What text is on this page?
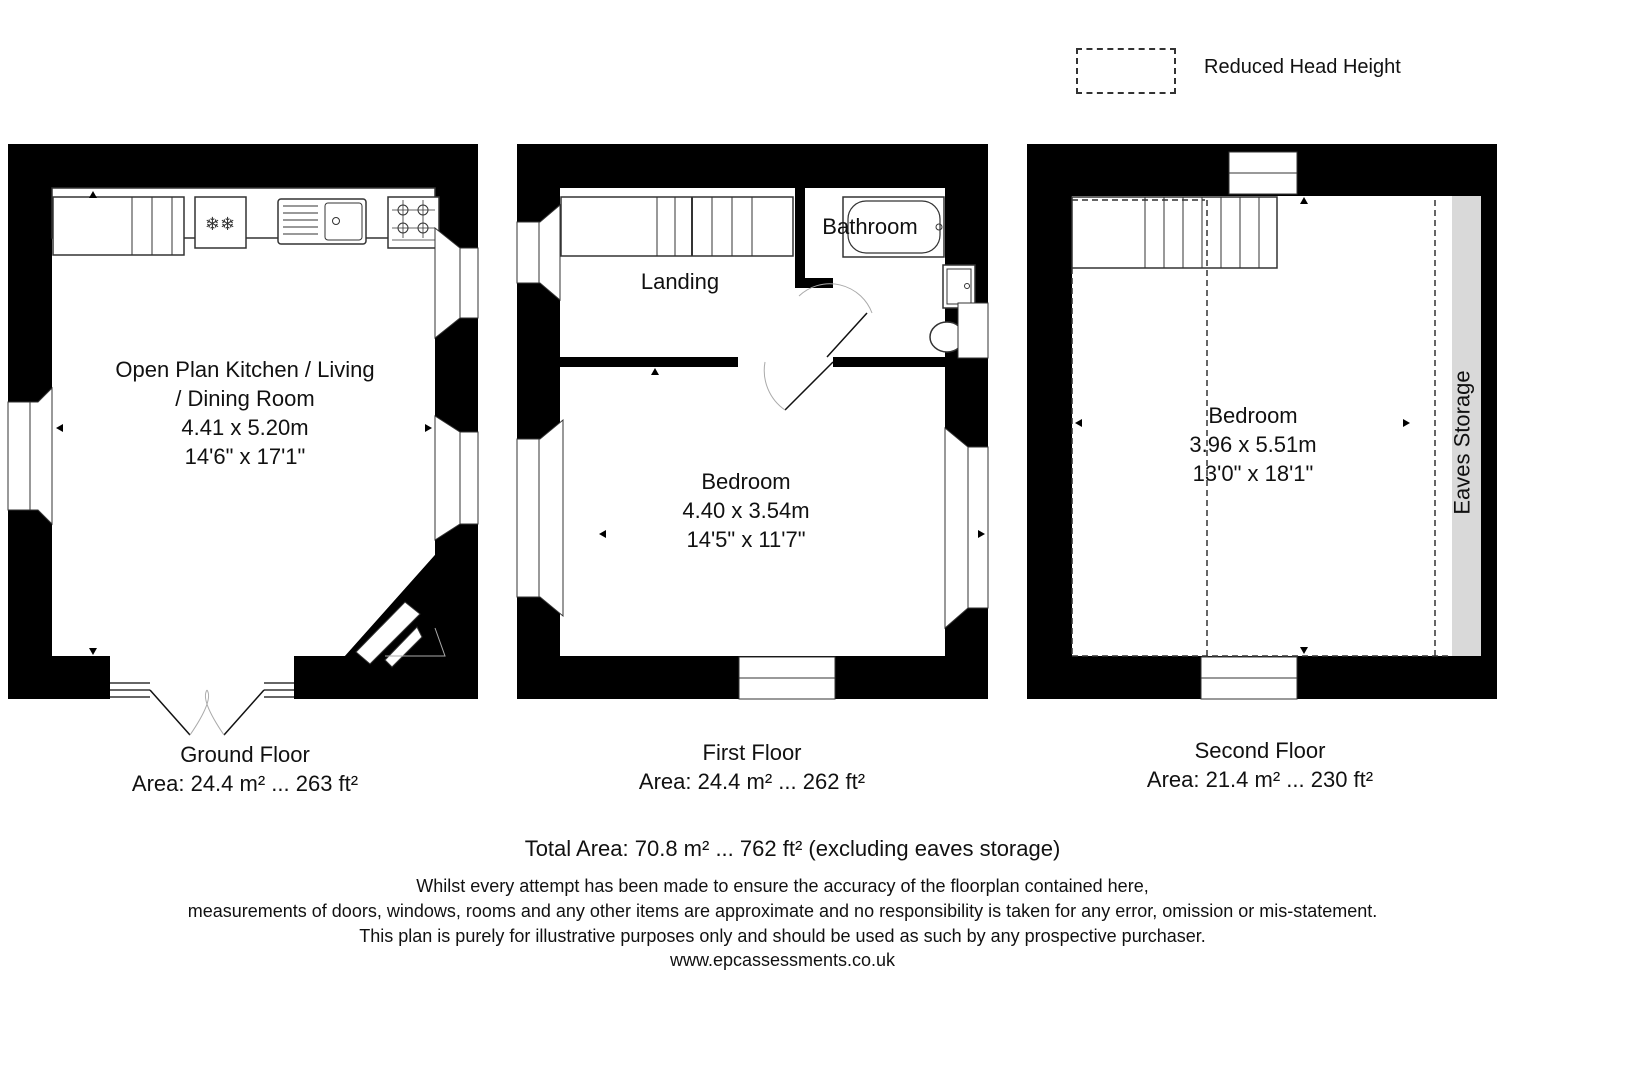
Reduced Head Height
❄❄
Open Plan Kitchen / Living
/ Dining Room
4.41 x 5.20m
14'6" x 17'1"
Landing
Bathroom
Bedroom
4.40 x 3.54m
14'5" x 11'7"
Bedroom
3.96 x 5.51m
13'0" x 18'1"	Eaves Storage
Ground Floor
Area: 24.4 m² ... 263 ft²
First Floor
Area: 24.4 m² ... 262 ft²
Second Floor
Area: 21.4 m² ... 230 ft²
Total Area: 70.8 m² ... 762 ft² (excluding eaves storage)
Whilst every attempt has been made to ensure the accuracy of the floorplan contained here,
measurements of doors, windows, rooms and any other items are approximate and no responsibility is taken for any error, omission or mis-statement.
This plan is purely for illustrative purposes only and should be used as such by any prospective purchaser.
www.epcassessments.co.uk
